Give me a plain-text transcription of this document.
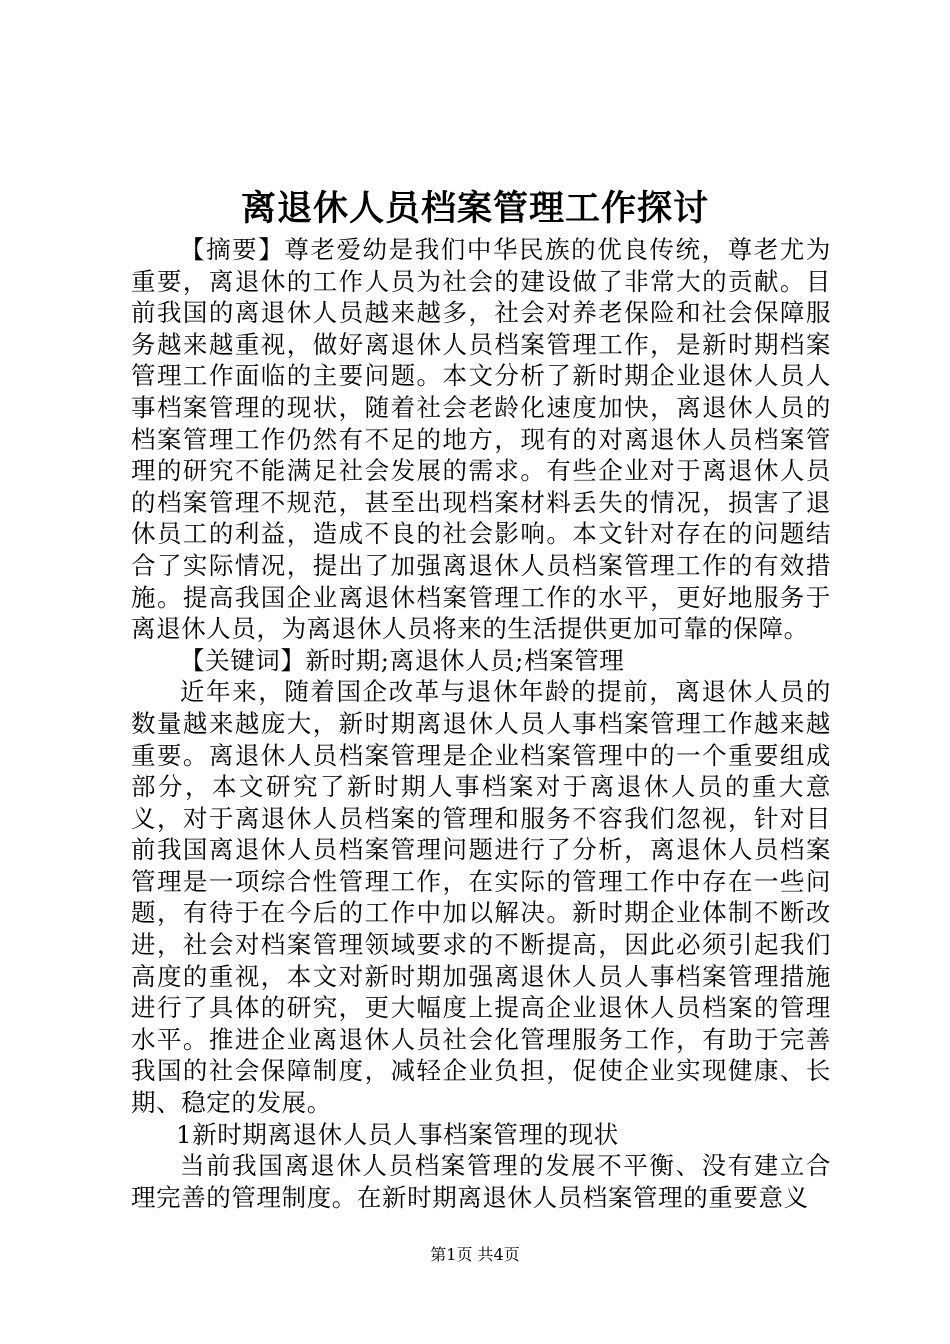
离退休人员档案管理工作探讨

【摘要】尊老爱幼是我们中华民族的优良传统，尊老尤为重要，离退休的工作人员为社会的建设做了非常大的贡献。目前我国的离退休人员越来越多，社会对养老保险和社会保障服务越来越重视，做好离退休人员档案管理工作，是新时期档案管理工作面临的主要问题。本文分析了新时期企业退休人员人事档案管理的现状，随着社会老龄化速度加快，离退休人员的档案管理工作仍然有不足的地方，现有的对离退休人员档案管理的研究不能满足社会发展的需求。有些企业对于离退休人员的档案管理不规范，甚至出现档案材料丢失的情况，损害了退休员工的利益，造成不良的社会影响。本文针对存在的问题结合了实际情况，提出了加强离退休人员档案管理工作的有效措施。提高我国企业离退休档案管理工作的水平，更好地服务于离退休人员，为离退休人员将来的生活提供更加可靠的保障。

【关键词】新时期;离退休人员;档案管理

近年来，随着国企改革与退休年龄的提前，离退休人员的数量越来越庞大，新时期离退休人员人事档案管理工作越来越重要。离退休人员档案管理是企业档案管理中的一个重要组成部分，本文研究了新时期人事档案对于离退休人员的重大意义，对于离退休人员档案的管理和服务不容我们忽视，针对目前我国离退休人员档案管理问题进行了分析，离退休人员档案管理是一项综合性管理工作，在实际的管理工作中存在一些问题，有待于在今后的工作中加以解决。新时期企业体制不断改进，社会对档案管理领域要求的不断提高，因此必须引起我们高度的重视，本文对新时期加强离退休人员人事档案管理措施进行了具体的研究，更大幅度上提高企业退休人员档案的管理水平。推进企业离退休人员社会化管理服务工作，有助于完善我国的社会保障制度，减轻企业负担，促使企业实现健康、长期、稳定的发展。

1新时期离退休人员人事档案管理的现状

当前我国离退休人员档案管理的发展不平衡、没有建立合理完善的管理制度。在新时期离退休人员档案管理的重要意义

第1页 共4页
